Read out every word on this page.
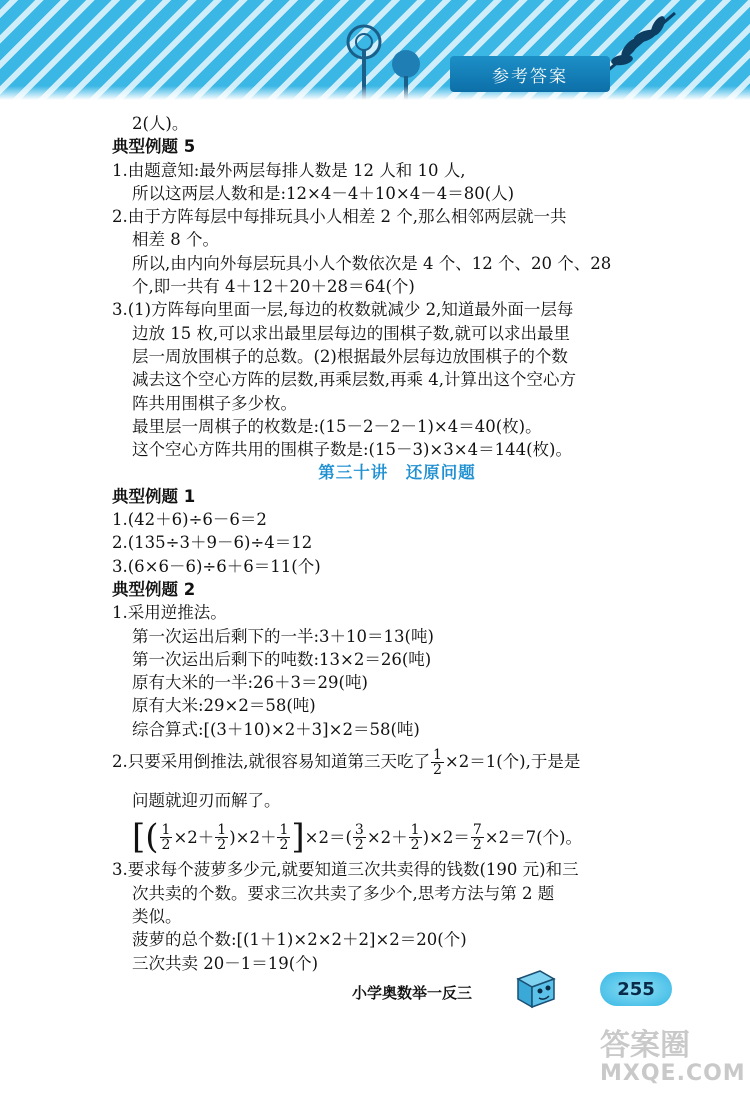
参考答案
2(人)。
典型例题 5
1.由题意知:最外两层每排人数是 12 人和 10 人,
所以这两层人数和是:12×4－4＋10×4－4＝80(人)
2.由于方阵每层中每排玩具小人相差 2 个,那么相邻两层就一共
相差 8 个。
所以,由内向外每层玩具小人个数依次是 4 个、12 个、20 个、28
个,即一共有 4＋12＋20＋28＝64(个)
3.(1)方阵每向里面一层,每边的枚数就减少 2,知道最外面一层每
边放 15 枚,可以求出最里层每边的围棋子数,就可以求出最里
层一周放围棋子的总数。(2)根据最外层每边放围棋子的个数
减去这个空心方阵的层数,再乘层数,再乘 4,计算出这个空心方
阵共用围棋子多少枚。
最里层一周棋子的枚数是:(15－2－2－1)×4＝40(枚)。
这个空心方阵共用的围棋子数是:(15－3)×3×4＝144(枚)。
第三十讲　还原问题
典型例题 1
1.(42＋6)÷6－6＝2
2.(135÷3＋9－6)÷4＝12
3.(6×6－6)÷6＋6＝11(个)
典型例题 2
1.采用逆推法。
第一次运出后剩下的一半:3＋10＝13(吨)
第一次运出后剩下的吨数:13×2＝26(吨)
原有大米的一半:26＋3＝29(吨)
原有大米:29×2＝58(吨)
综合算式:[(3＋10)×2＋3]×2＝58(吨)
2.只要采用倒推法,就很容易知道第三天吃了 $\frac{1}{2} \times 2=1$(个),于是是
问题就迎刃而解了。
[ ( $\frac{1}{2} \times 2+ \frac{1}{2} )\times 2+ \frac{1}{2}$ ] $\times 2=( \frac{3}{2} \times 2+ \frac{1}{2} )\times 2= \frac{7}{2} \times 2=7$(个)。
3.要求每个菠萝多少元,就要知道三次共卖得的钱数(190 元)和三
次共卖的个数。要求三次共卖了多少个,思考方法与第 2 题
类似。
菠萝的总个数:[(1＋1)×2×2＋2]×2＝20(个)
三次共卖 20－1＝19(个)
小学奥数举一反三	255
答案圈
MXQE.COM
